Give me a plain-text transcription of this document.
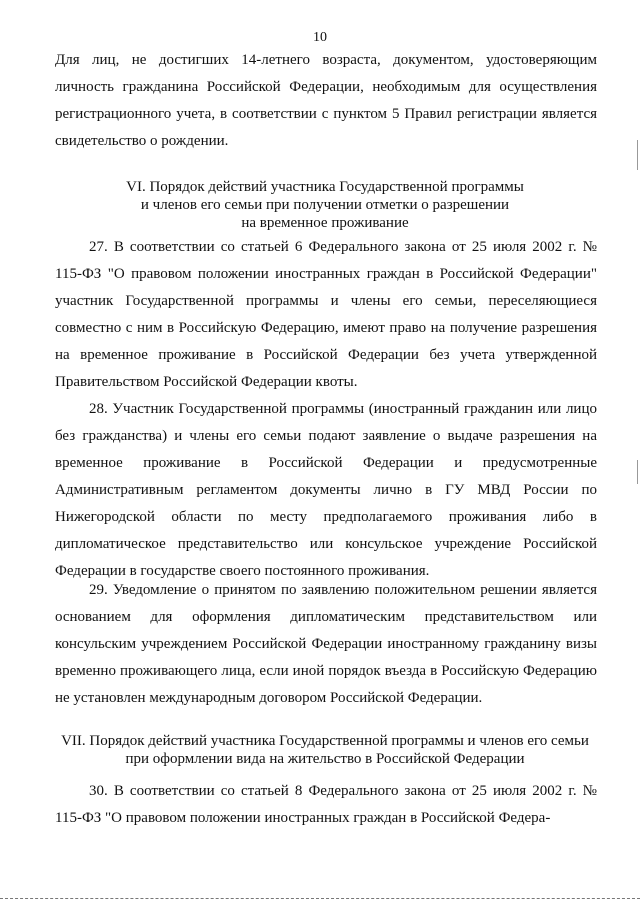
10

Для лиц, не достигших 14-летнего возраста, документом, удостоверяющим личность гражданина Российской Федерации, необходимым для осуществления регистрационного учета, в соответствии с пунктом 5 Правил регистрации является свидетельство о рождении.

VI. Порядок действий участника Государственной программы
и членов его семьи при получении отметки о разрешении
на временное проживание

27. В соответствии со статьей 6 Федерального закона от 25 июля 2002 г. № 115-ФЗ "О правовом положении иностранных граждан в Российской Федерации" участник Государственной программы и члены его семьи, переселяющиеся совместно с ним в Российскую Федерацию, имеют право на получение разрешения на временное проживание в Российской Федерации без учета утвержденной Правительством Российской Федерации квоты.

28. Участник Государственной программы (иностранный гражданин или лицо без гражданства) и члены его семьи подают заявление о выдаче разрешения на временное проживание в Российской Федерации и предусмотренные Административным регламентом документы лично в ГУ МВД России по Нижегородской области по месту предполагаемого проживания либо в дипломатическое представительство или консульское учреждение Российской Федерации в государстве своего постоянного проживания.

29. Уведомление о принятом по заявлению положительном решении является основанием для оформления дипломатическим представительством или консульским учреждением Российской Федерации иностранному гражданину визы временно проживающего лица, если иной порядок въезда в Российскую Федерацию не установлен международным договором Российской Федерации.

VII. Порядок действий участника Государственной программы и членов его семьи
при оформлении вида на жительство в Российской Федерации

30. В соответствии со статьей 8 Федерального закона от 25 июля 2002 г. № 115-ФЗ "О правовом положении иностранных граждан в Российской Федера-
